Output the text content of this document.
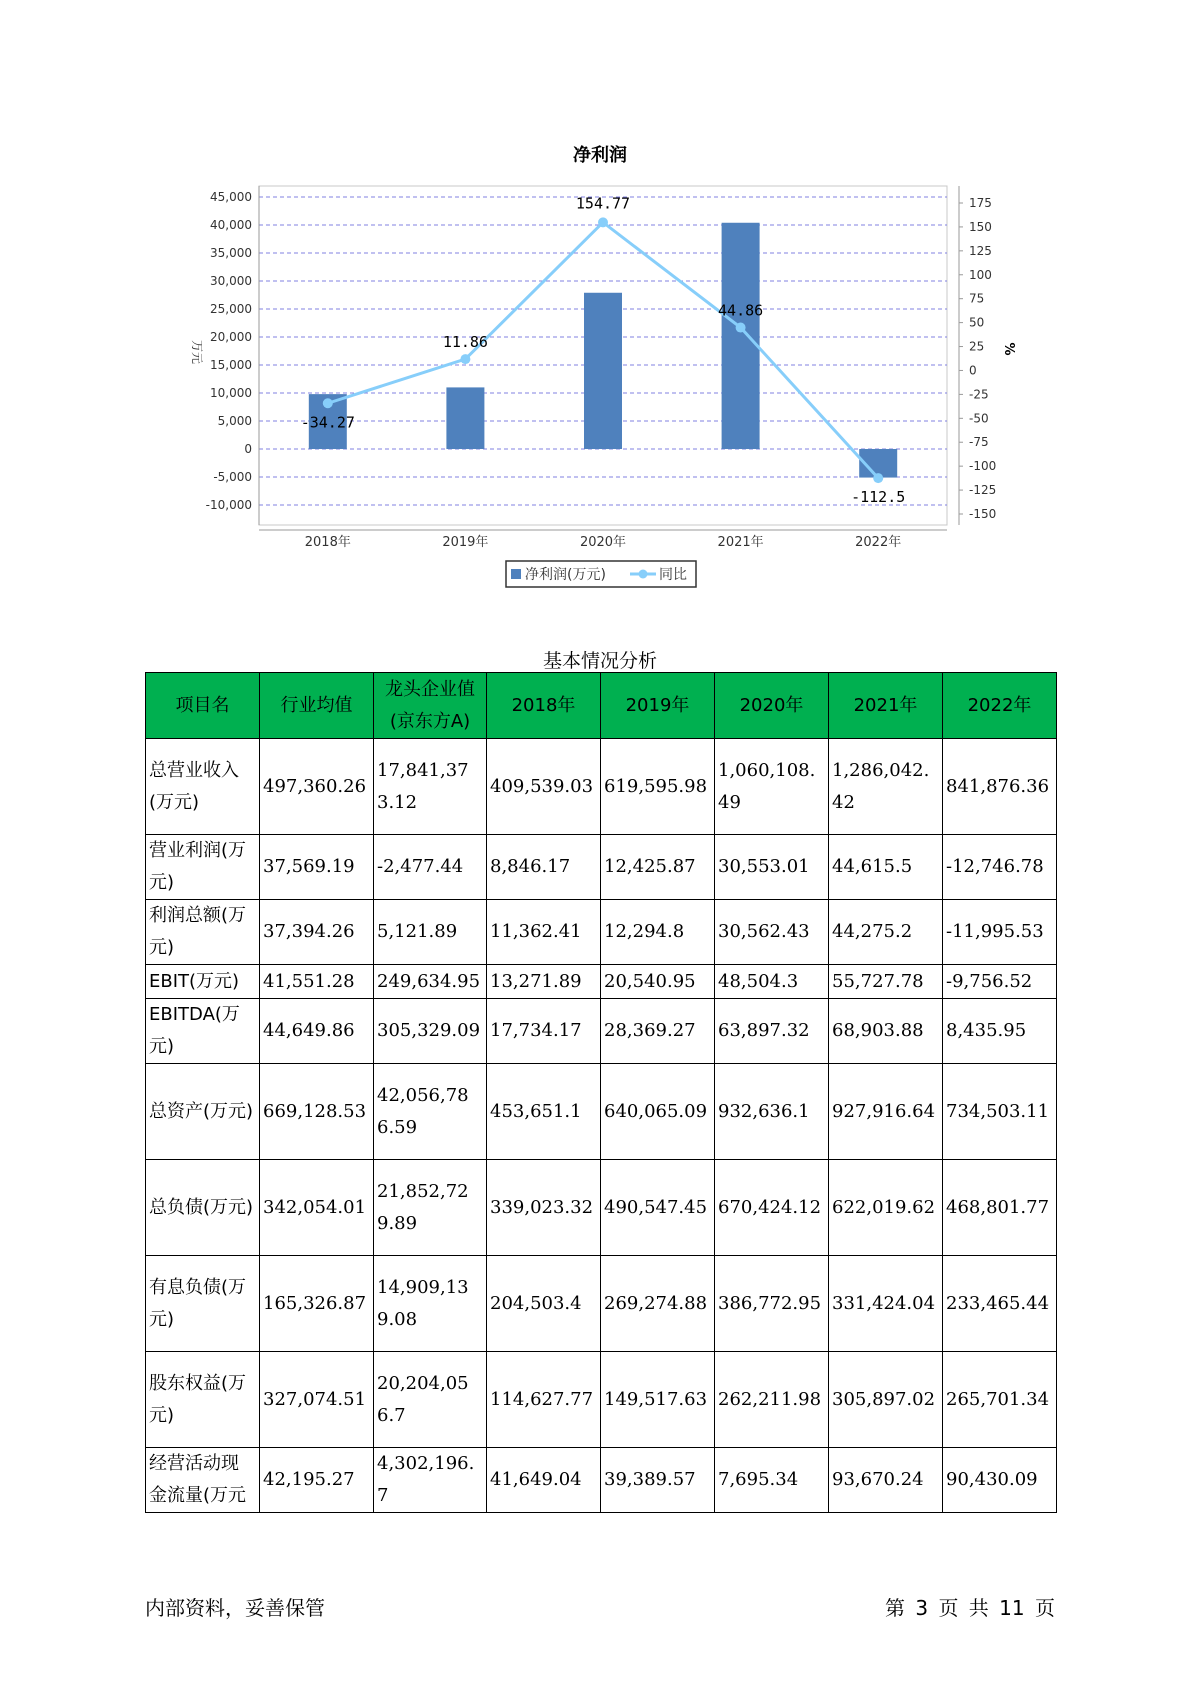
净利润
-10,000
-5,000
0
5,000
10,000
15,000
20,000
25,000
30,000
35,000
40,000
45,000
-150
-125
-100
-75
-50
-25
0
25
50
75
100
125
150
175
万元	%
2018年	2019年	2020年	2021年	2022年
-34.27
11.86
154.77
44.86
-112.5
净利润(万元)	同比
基本情况分析
项目名	行业均值	龙头企业值(京东方A)	2018年	2019年	2020年	2021年	2022年
总营业收入(万元)	497,360.26	17,841,373.12	409,539.03	619,595.98	1,060,108.49	1,286,042.42	841,876.36
营业利润(万元)	37,569.19	-2,477.44	8,846.17	12,425.87	30,553.01	44,615.5	-12,746.78
利润总额(万元)	37,394.26	5,121.89	11,362.41	12,294.8	30,562.43	44,275.2	-11,995.53
EBIT(万元)	41,551.28	249,634.95	13,271.89	20,540.95	48,504.3	55,727.78	-9,756.52
EBITDA(万元)	44,649.86	305,329.09	17,734.17	28,369.27	63,897.32	68,903.88	8,435.95
总资产(万元)	669,128.53	42,056,786.59	453,651.1	640,065.09	932,636.1	927,916.64	734,503.11
总负债(万元)	342,054.01	21,852,729.89	339,023.32	490,547.45	670,424.12	622,019.62	468,801.77
有息负债(万元)	165,326.87	14,909,139.08	204,503.4	269,274.88	386,772.95	331,424.04	233,465.44
股东权益(万元)	327,074.51	20,204,056.7	114,627.77	149,517.63	262,211.98	305,897.02	265,701.34
经营活动现金流量(万元	42,195.27	4,302,196.7	41,649.04	39,389.57	7,695.34	93,670.24	90,430.09
内部资料，妥善保管	第 3 页 共 11 页
